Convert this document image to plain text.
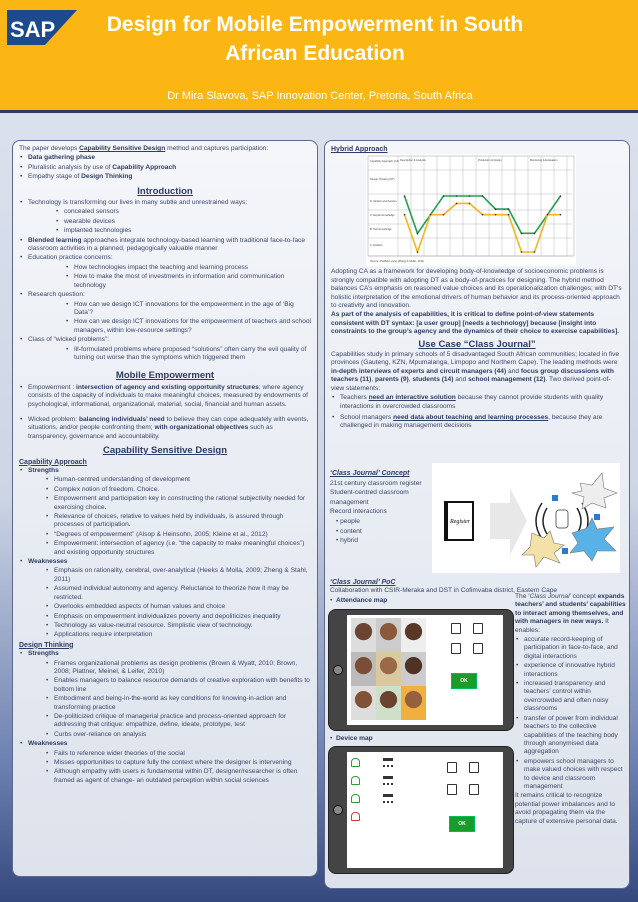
SAP	Design for Mobile Empowerment in South African Education
Dr Mira Slavova, SAP Innovation Center, Pretoria, South Africa

The paper develops Capability Sensitive Design method and captures participation:

• Data gathering phase
• Pluralistic analysis by use of Capability Approach
• Empathy stage of Design Thinking
Introduction
• Technology is transforming our lives in many subtle and unrestrained ways:
• concealed sensors
• wearable devices
• implanted technologies
• Blended learning approaches integrate technology-based learning with traditional face-to-face classroom activities in a planned, pedagogically valuable manner
• Education practice concerns:
• How technologies impact the teaching and learning process
• How to make the most of investments in information and communication technology
• Research question:
• How can we design ICT innovations for the empowerment in the age of ‘Big Data’?
• How can we design ICT innovations for the empowerment of teachers and school managers, within low-resource settings?
• Class of “wicked problems”:
• Ill-formulated problems where proposed “solutions” often carry the evil quality of turning out worse than the symptoms which triggered them
Mobile Empowerment
• Empowerment : intersection of agency and existing opportunity structures; where agency consists of the capacity of individuals to make meaningful choices, measured by endowments of psychological, informational, organizational, material, social, financial and human assets.
• Wicked problem: balancing individuals’ need to believe they can cope adequately with events, situations, and/or people confronting them; with organizational objectives such as transparency, governance and accountability.
Capability Sensitive Design
Capability Approach
• Strengths
• Human-centred understanding of development
• Complex notion of freedom. Choice.
• Empowerment and participation key in constructing the rational subjectivity needed for exercising choice.
• Relevance of choices, relative to values held by individuals, is assured through processes of participation.
• “Degrees of empowerment” (Alsop & Heinsohn, 2005; Kleine et al., 2012)
• Empowerment: intersection of agency (i.e. “the capacity to make meaningful choices”) and existing opportunity structures
• Weaknesses
• Emphasis on rationality, cerebral, over-analytical (Heeks & Molla, 2009; Zheng & Stahl, 2011)
• Assumed individual autonomy and agency. Reluctance to theorize how it may be restricted.
• Overlooks embedded aspects of human values and choice
• Emphasis on empowerment individualizes poverty and depoliticizes inequality
• Technology as value-neutral resource. Simplistic view of technology.
• Applications require interpretation
Design Thinking
• Strengths
• Frames organizational problems as design problems (Brown & Wyatt, 2010; Brown, 2008; Plattner, Meinel, & Leifer, 2010)
• Enables managers to balance resource demands of creative exploration with benefits to bottom line
• Embodiment and being-in-the-world as key conditions for knowing-in-action and transforming practice
• De-politicized critique of managerial practice and process-oriented approach for addressing that critique: empathize, define, ideate, prototype, test
• Curbs over-reliance on analysis
• Weaknesses
• Fails to reference wider theories of the social
• Misses opportunities to capture fully the context where the designer is intervening
• Although empathy with users is fundamental within DT, designer/researcher is often framed as agent of change- an outdated perception within social sciences
Hybrid Approach
Capability Approach (CA)
Design Thinking (DT)
Description & Analysis	Production & Design	Monitoring & Evaluation
D: Models and theories
C: Explicit knowledge
B: Tacit knowledge
A: Artifacts
Source: Modified, using (Zheng & Müller, 2011)

Adopting CA as a framework for developing body-of-knowledge of socioeconomic problems is strongly compatible with adopting DT as a body-of-practices for designing. The hybrid method balances CA’s emphasis on reasoned value choices and its operationalization challenges; with DT’s holistic interpretation of the emotional drivers of human behavior and its process-oriented approach to creativity and innovation.

As part of the analysis of capabilities, it is critical to define point-of-view statements consistent with DT syntax: [a user group] [needs a technology] because [insight into constraints to the group’s agency and the dynamics of their choice to exercise capabilities].

Use Case “Class Journal”

Capabilities study in primary schools of 5 disadvantaged South African communities; located in five provinces (Gauteng, KZN, Mpumalanga, Limpopo and Northern Cape). The leading methods were in-depth interviews of experts and circuit managers (44) and focus group discussions with teachers (11), parents (9), students (14) and school management (12). Two derived point-of-view statements:

• Teachers need an interactive solution because they cannot provide students with quality interactions in overcrowded classrooms
• School managers need data about teaching and learning processes, because they are challenged in making management decisions
‘Class Journal’ Concept
21st century classroom register
Student-centred classroom management
Record interactions
• people
• content
• hybrid
Register
‘Class Journal’ PoC

Collaboration with CSIR-Meraka and DST in Cofimvaba district, Eastern Cape

•  Attendance map
OK
•  Device map
OK

The ‘Class Journal’ concept expands teachers’ and students’ capabilities to interact among themselves, and with managers in new ways. It enables:

• accurate record-keeping of participation in face-to-face, and digital interactions
• experience of innovative hybrid interactions
• increased transparency and teachers’ control within overcrowded and often noisy classrooms
• transfer of power from individual teachers to the collective capabilities of the teaching body through anonymised data aggregation
• empowers school managers to make valued choices with respect to device and classroom management

It remains critical to recognize potential power imbalances and to avoid propagating them via the capture of extensive personal data.
